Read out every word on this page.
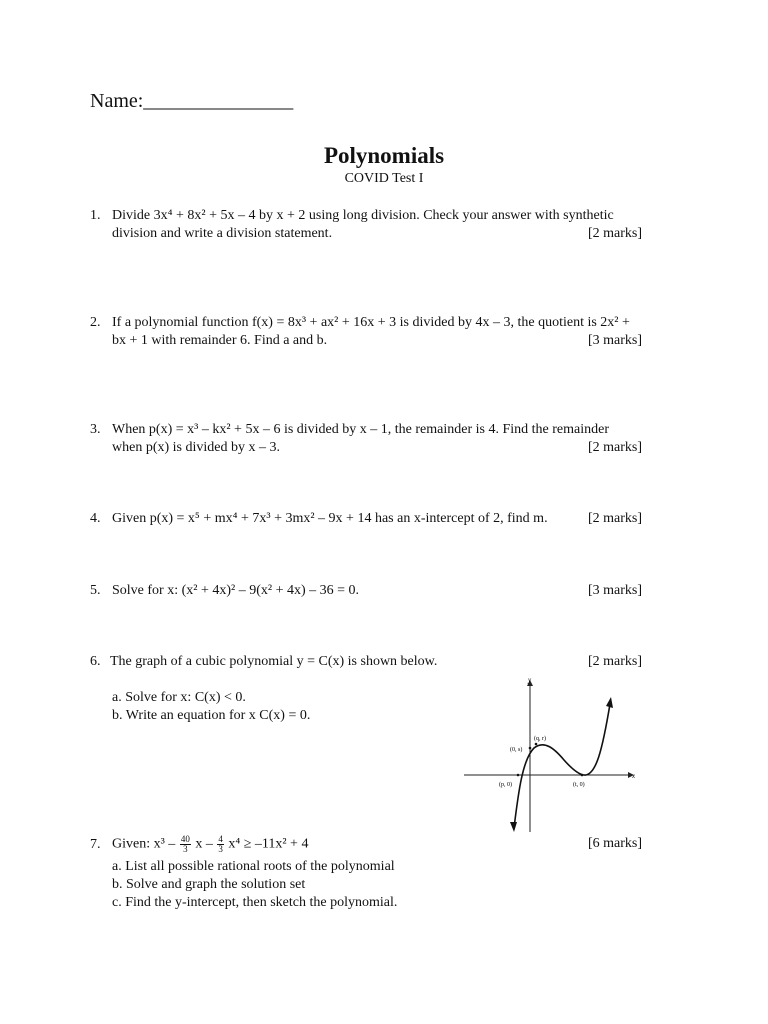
Name:_______________
Polynomials
COVID Test I
1. Divide 3x⁴ + 8x² + 5x – 4 by x + 2 using long division. Check your answer with synthetic
division and write a division statement.	[2 marks]
2. If a polynomial function f(x) = 8x³ + ax² + 16x + 3 is divided by 4x – 3, the quotient is 2x² +
bx + 1 with remainder 6. Find a and b.	[3 marks]
3. When p(x) = x³ – kx² + 5x – 6 is divided by x – 1, the remainder is 4. Find the remainder
when p(x) is divided by x – 3.	[2 marks]
4. Given p(x) = x⁵ + mx⁴ + 7x³ + 3mx² – 9x + 14 has an x-intercept of 2, find m.	[2 marks]
5. Solve for x: (x² + 4x)² – 9(x² + 4x) – 36 = 0.	[3 marks]
6. The graph of a cubic polynomial y = C(x) is shown below.	[2 marks]
a. Solve for x: C(x) < 0.
b. Write an equation for x C(x) = 0.
y
x
(q, r)
(0, s)
(p, 0)	(t, 0)
7. Given: $x^3 - \frac{40}{3}$ $x - \frac{4}{3} x^4 \ge -11x^2 + 4$	[6 marks]
a. List all possible rational roots of the polynomial
b. Solve and graph the solution set
c. Find the y-intercept, then sketch the polynomial.
